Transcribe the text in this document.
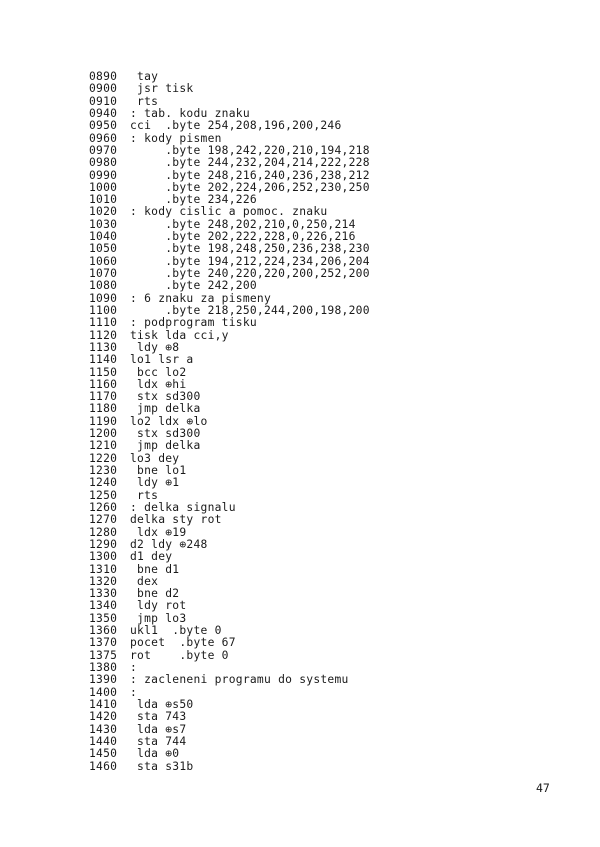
0890	tay
0900	jsr tisk
0910	rts
0940	: tab. kodu znaku
0950	cci  .byte 254,208,196,200,246
0960	: kody pismen
0970	.byte 198,242,220,210,194,218
0980	.byte 244,232,204,214,222,228
0990	.byte 248,216,240,236,238,212
1000	.byte 202,224,206,252,230,250
1010	.byte 234,226
1020	: kody cislic a pomoc. znaku
1030	.byte 248,202,210,0,250,214
1040	.byte 202,222,228,0,226,216
1050	.byte 198,248,250,236,238,230
1060	.byte 194,212,224,234,206,204
1070	.byte 240,220,220,200,252,200
1080	.byte 242,200
1090	: 6 znaku za pismeny
1100	.byte 218,250,244,200,198,200
1110	: podprogram tisku
1120	tisk lda cci,y
1130	ldy ⊕8
1140	lo1 lsr a
1150	bcc lo2
1160	ldx ⊕hi
1170	stx sd300
1180	jmp delka
1190	lo2 ldx ⊕lo
1200	stx sd300
1210	jmp delka
1220	lo3 dey
1230	bne lo1
1240	ldy ⊕1
1250	rts
1260	: delka signalu
1270	delka sty rot
1280	ldx ⊕19
1290	d2 ldy ⊕248
1300	d1 dey
1310	bne d1
1320	dex
1330	bne d2
1340	ldy rot
1350	jmp lo3
1360	ukl1  .byte 0
1370	pocet  .byte 67
1375	rot    .byte 0
1380	:
1390	: zacleneni programu do systemu
1400	:
1410	lda ⊕s50
1420	sta 743
1430	lda ⊕s7
1440	sta 744
1450	lda ⊕0
1460	sta s31b
47
